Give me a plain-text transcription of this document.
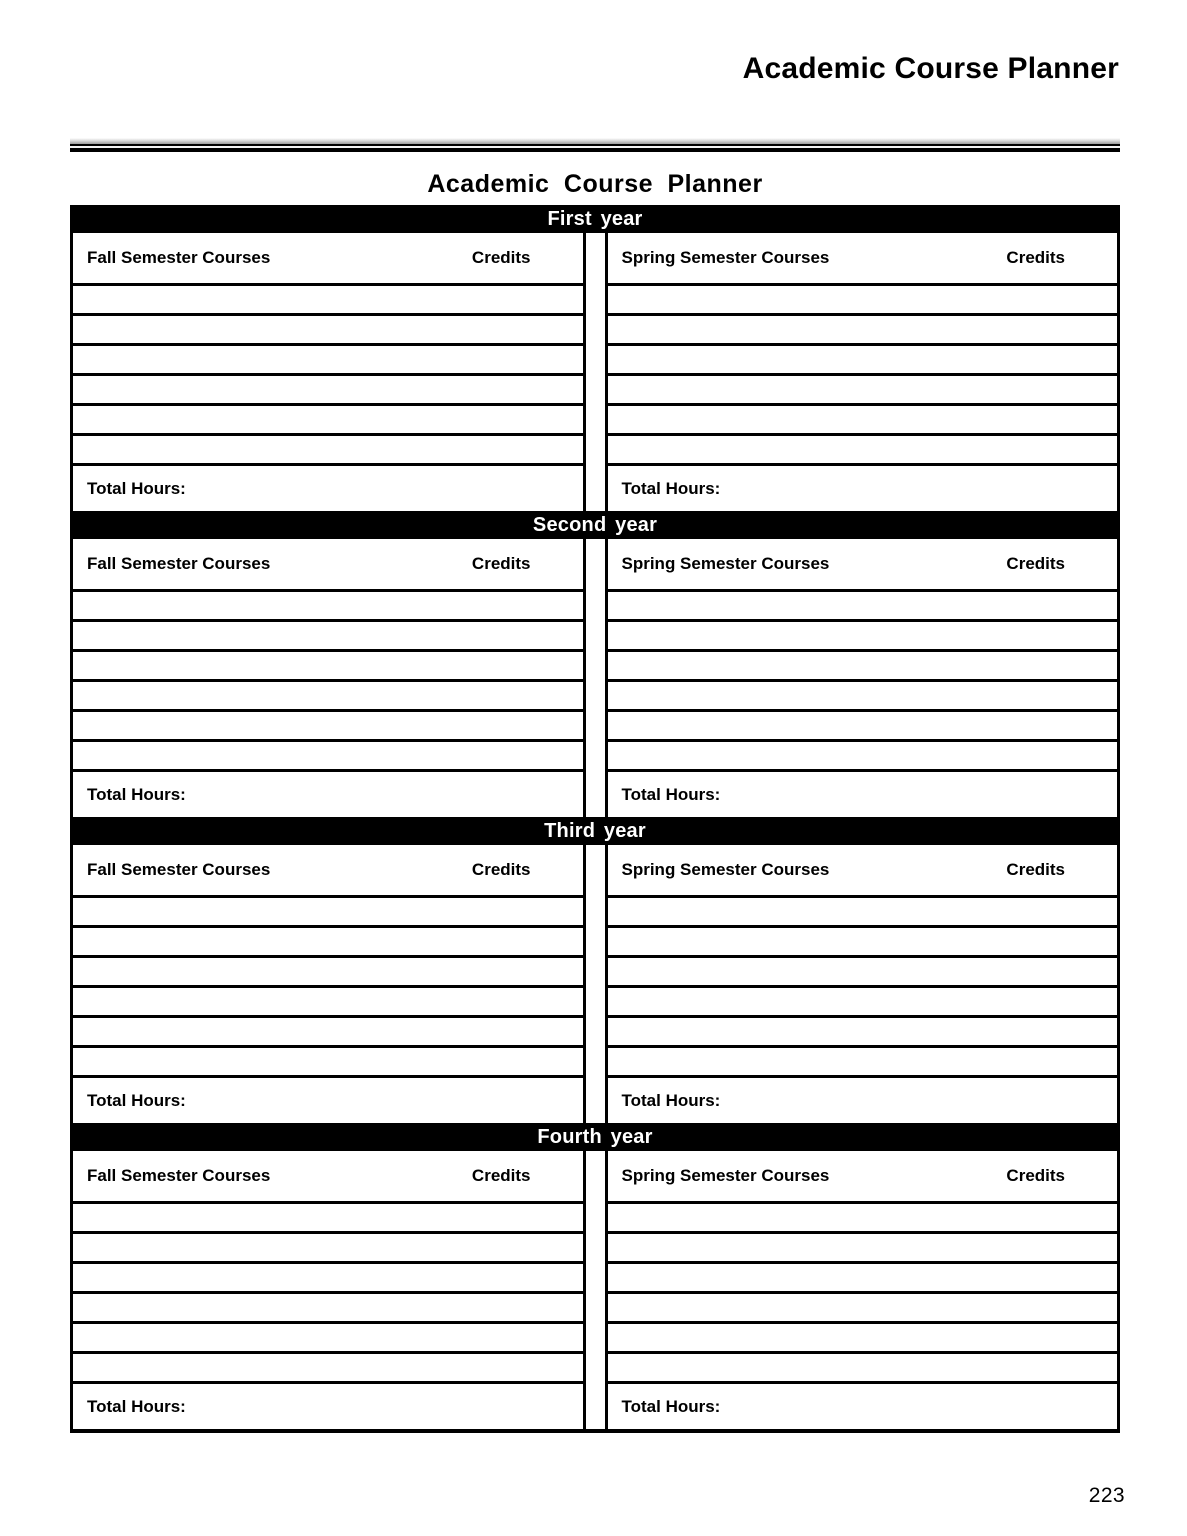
Academic Course Planner
Academic Course Planner
First year
Fall Semester Courses	Credits
Total Hours:
Spring Semester Courses	Credits
Total Hours:
Second year
Fall Semester Courses	Credits
Total Hours:
Spring Semester Courses	Credits
Total Hours:
Third year
Fall Semester Courses	Credits
Total Hours:
Spring Semester Courses	Credits
Total Hours:
Fourth year
Fall Semester Courses	Credits
Total Hours:
Spring Semester Courses	Credits
Total Hours:
223
